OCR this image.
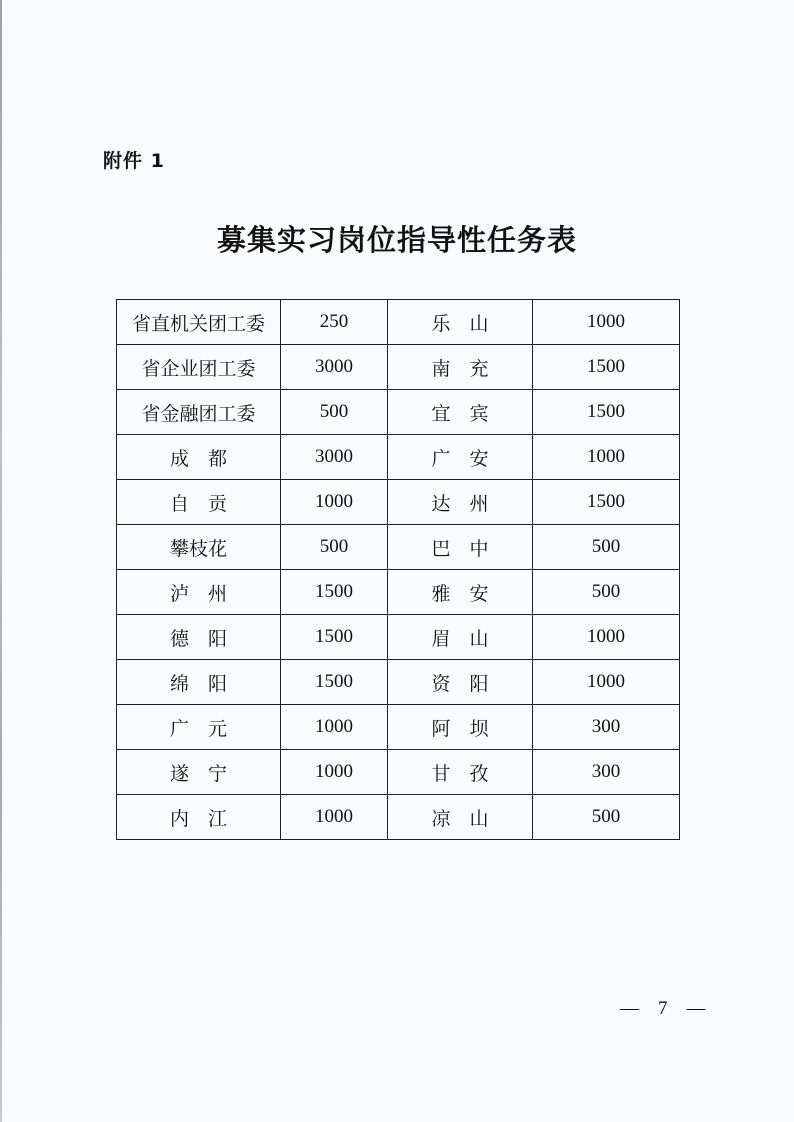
附件 1
募集实习岗位指导性任务表
省直机关团工委	250	乐　山	1000
省企业团工委	3000	南　充	1500
省金融团工委	500	宜　宾	1500
成　都	3000	广　安	1000
自　贡	1000	达　州	1500
攀枝花	500	巴　中	500
泸　州	1500	雅　安	500
德　阳	1500	眉　山	1000
绵　阳	1500	资　阳	1000
广　元	1000	阿　坝	300
遂　宁	1000	甘　孜	300
内　江	1000	凉　山	500
—　7　—
